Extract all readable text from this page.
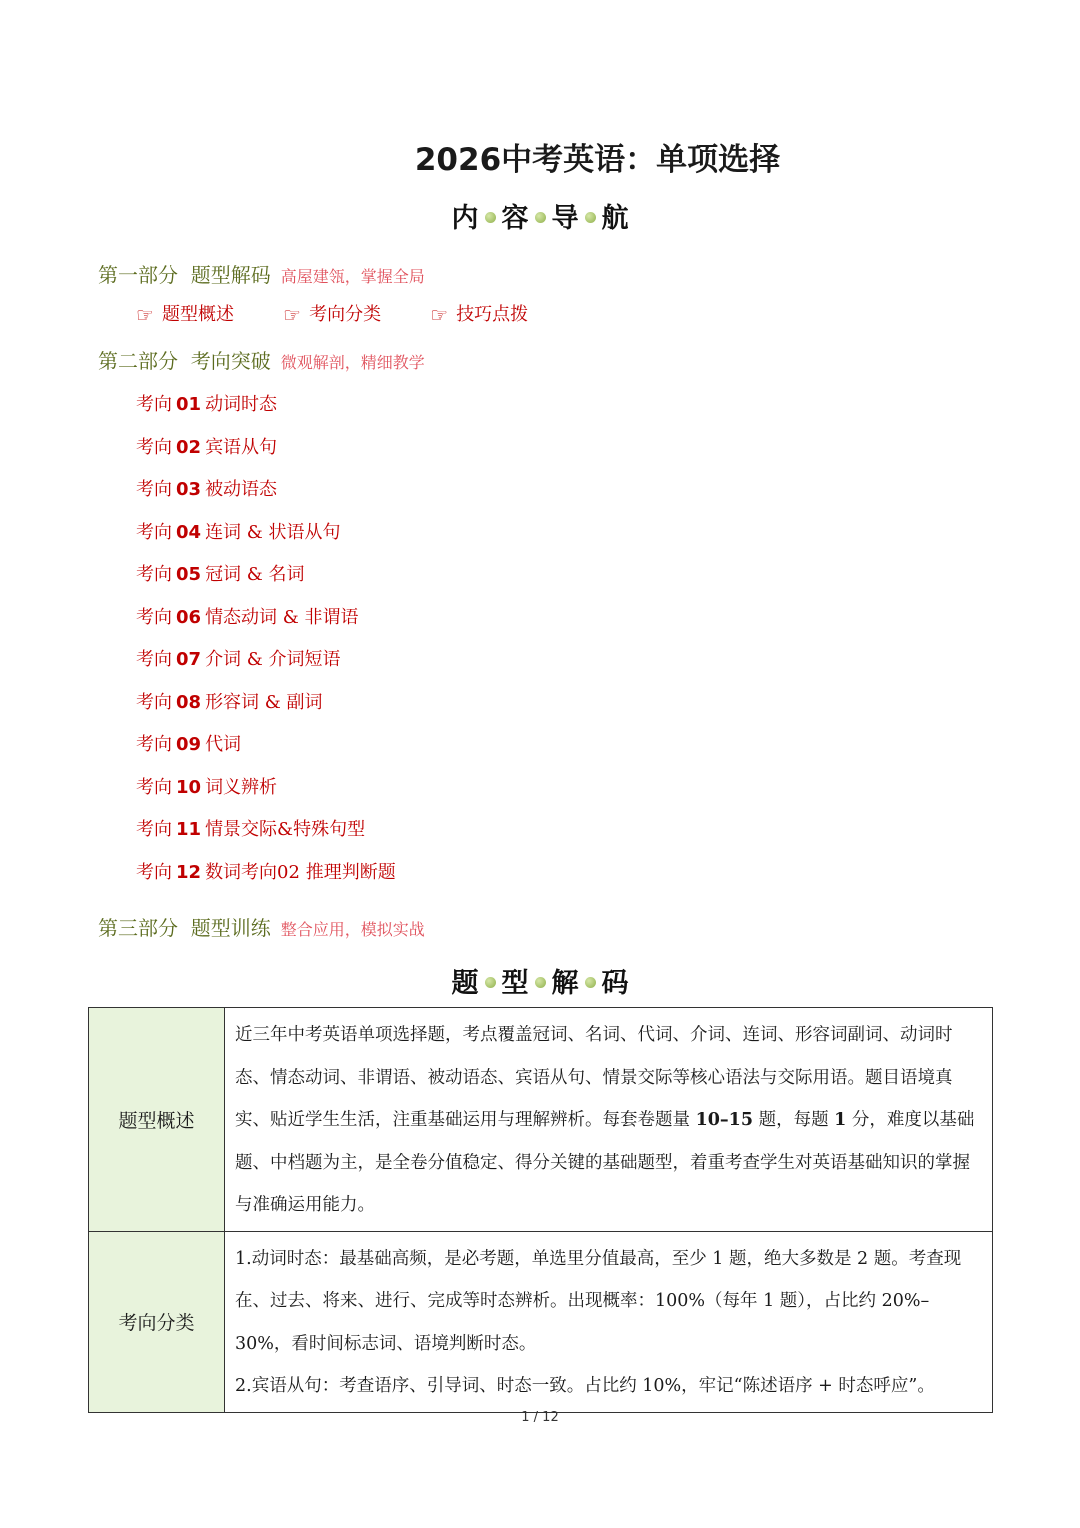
2026中考英语：单项选择
内 容 导 航
第一部分  题型解码 高屋建瓴，掌握全局
☞ 题型概述 ☞ 考向分类 ☞ 技巧点拨
第二部分  考向突破 微观解剖，精细教学
考向 01 动词时态
考向 02 宾语从句
考向 03 被动语态
考向 04 连词 & 状语从句
考向 05 冠词 & 名词
考向 06 情态动词 & 非谓语
考向 07 介词 & 介词短语
考向 08 形容词 & 副词
考向 09 代词
考向 10 词义辨析
考向 11 情景交际&特殊句型
考向 12 数词考向02 推理判断题
第三部分  题型训练 整合应用，模拟实战
题 型 解 码
题型概述	近三年中考英语单项选择题，考点覆盖冠词、名词、代词、介词、连词、形容词副词、动词时态、情态动词、非谓语、被动语态、宾语从句、情景交际等核心语法与交际用语。题目语境真实、贴近学生生活，注重基础运用与理解辨析。每套卷题量 10–15 题，每题 1 分，难度以基础题、中档题为主，是全卷分值稳定、得分关键的基础题型，着重考查学生对英语基础知识的掌握与准确运用能力。
考向分类	1.动词时态：最基础高频，是必考题，单选里分值最高，至少 1 题，绝大多数是 2 题。考查现在、过去、将来、进行、完成等时态辨析。出现概率：100%（每年 1 题），占比约 20%–30%，看时间标志词、语境判断时态。
2.宾语从句：考查语序、引导词、时态一致。占比约 10%，牢记“陈述语序 + 时态呼应”。
1 / 12
